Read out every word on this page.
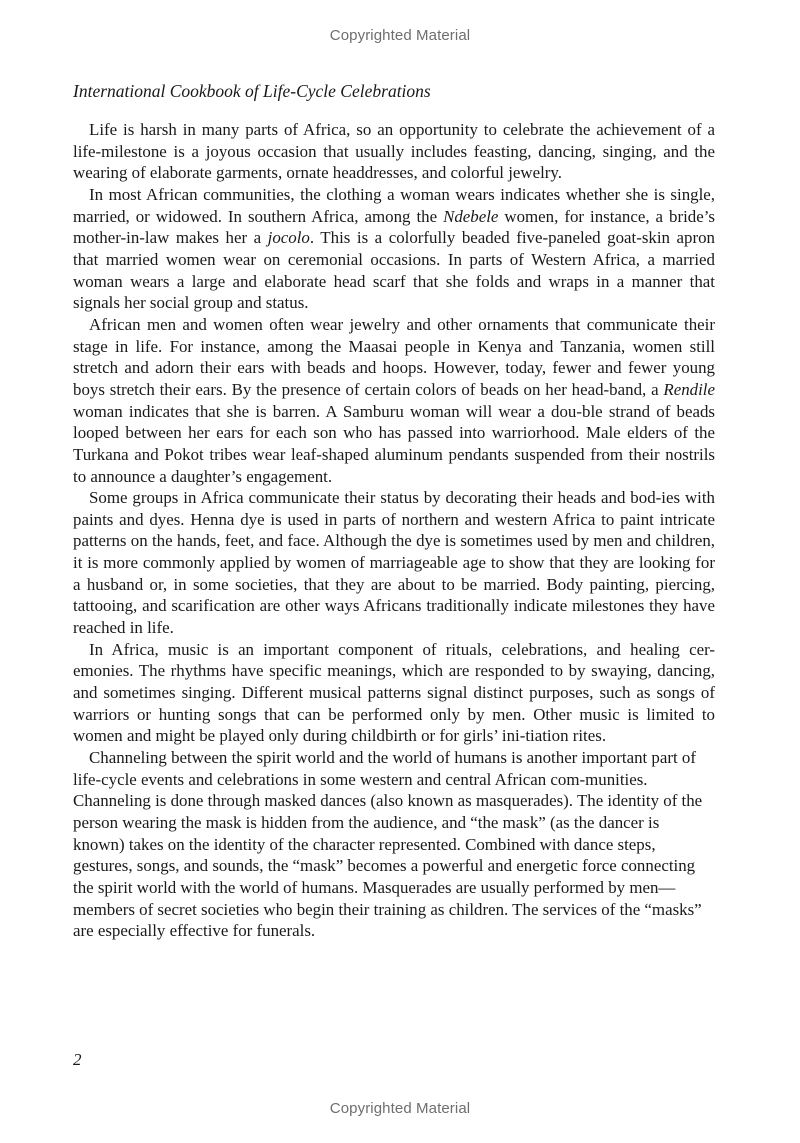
Copyrighted Material
International Cookbook of Life-Cycle Celebrations

Life is harsh in many parts of Africa, so an opportunity to celebrate the achievement of a life-milestone is a joyous occasion that usually includes feasting, dancing, singing, and the wearing of elaborate garments, ornate headdresses, and colorful jewelry.

In most African communities, the clothing a woman wears indicates whether she is single, married, or widowed. In southern Africa, among the Ndebele women, for instance, a bride’s mother-in-law makes her a jocolo. This is a colorfully beaded five-paneled goat-skin apron that married women wear on ceremonial occasions. In parts of Western Africa, a married woman wears a large and elaborate head scarf that she folds and wraps in a manner that signals her social group and status.

African men and women often wear jewelry and other ornaments that communicate their stage in life. For instance, among the Maasai people in Kenya and Tanzania, women still stretch and adorn their ears with beads and hoops. However, today, fewer and fewer young boys stretch their ears. By the presence of certain colors of beads on her head-band, a Rendile woman indicates that she is barren. A Samburu woman will wear a dou-ble strand of beads looped between her ears for each son who has passed into warriorhood. Male elders of the Turkana and Pokot tribes wear leaf-shaped aluminum pendants suspended from their nostrils to announce a daughter’s engagement.

Some groups in Africa communicate their status by decorating their heads and bod-ies with paints and dyes. Henna dye is used in parts of northern and western Africa to paint intricate patterns on the hands, feet, and face. Although the dye is sometimes used by men and children, it is more commonly applied by women of marriageable age to show that they are looking for a husband or, in some societies, that they are about to be married. Body painting, piercing, tattooing, and scarification are other ways Africans traditionally indicate milestones they have reached in life.

In Africa, music is an important component of rituals, celebrations, and healing cer-emonies. The rhythms have specific meanings, which are responded to by swaying, dancing, and sometimes singing. Different musical patterns signal distinct purposes, such as songs of warriors or hunting songs that can be performed only by men. Other music is limited to women and might be played only during childbirth or for girls’ ini-tiation rites.

Channeling between the spirit world and the world of humans is another important part of life-cycle events and celebrations in some western and central African com-munities. Channeling is done through masked dances (also known as masquerades). The identity of the person wearing the mask is hidden from the audience, and “the mask” (as the dancer is known) takes on the identity of the character represented. Combined with dance steps, gestures, songs, and sounds, the “mask” becomes a powerful and energetic force connecting the spirit world with the world of humans. Masquerades are usually performed by men—members of secret societies who begin their training as children. The services of the “masks” are especially effective for funerals.

2
Copyrighted Material
